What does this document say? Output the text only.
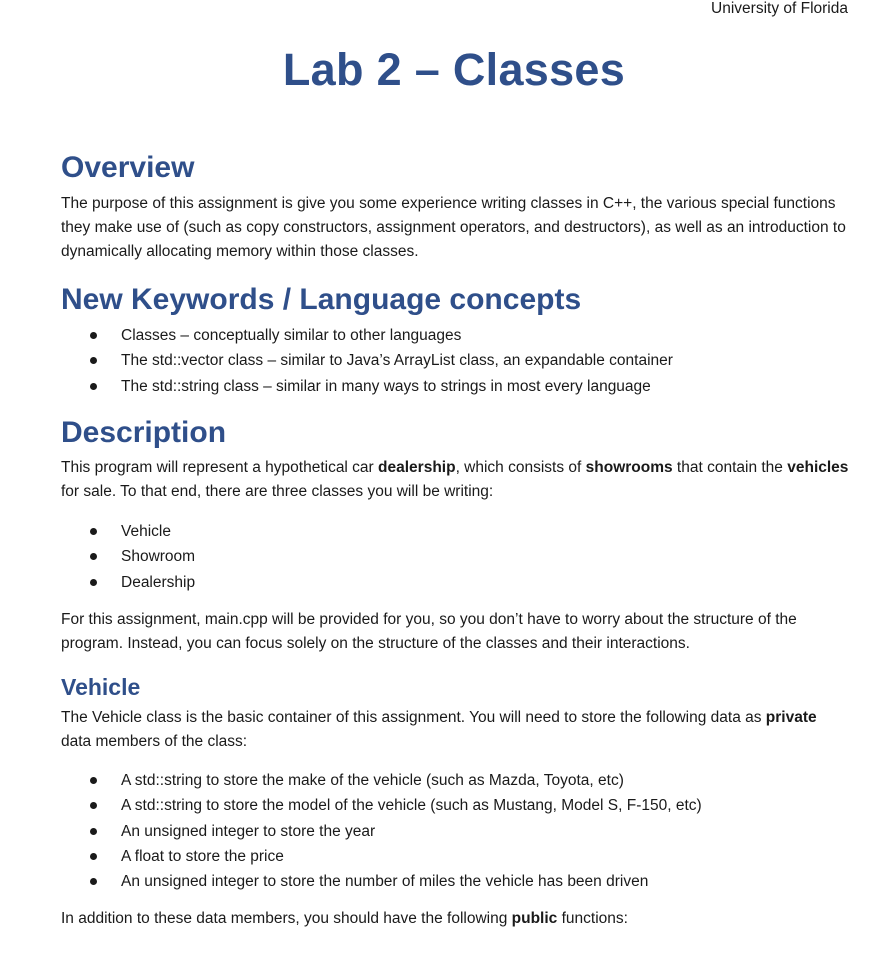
University of Florida
Lab 2 – Classes
Overview

The purpose of this assignment is give you some experience writing classes in C++, the various special functions they make use of (such as copy constructors, assignment operators, and destructors), as well as an introduction to dynamically allocating memory within those classes.

New Keywords / Language concepts
Classes – conceptually similar to other languages
The std::vector class – similar to Java’s ArrayList class, an expandable container
The std::string class – similar in many ways to strings in most every language
Description

This program will represent a hypothetical car dealership, which consists of showrooms that contain the vehicles for sale. To that end, there are three classes you will be writing:

Vehicle
Showroom
Dealership

For this assignment, main.cpp will be provided for you, so you don’t have to worry about the structure of the program. Instead, you can focus solely on the structure of the classes and their interactions.

Vehicle

The Vehicle class is the basic container of this assignment. You will need to store the following data as private data members of the class:

A std::string to store the make of the vehicle (such as Mazda, Toyota, etc)
A std::string to store the model of the vehicle (such as Mustang, Model S, F-150, etc)
An unsigned integer to store the year
A float to store the price
An unsigned integer to store the number of miles the vehicle has been driven

In addition to these data members, you should have the following public functions:
